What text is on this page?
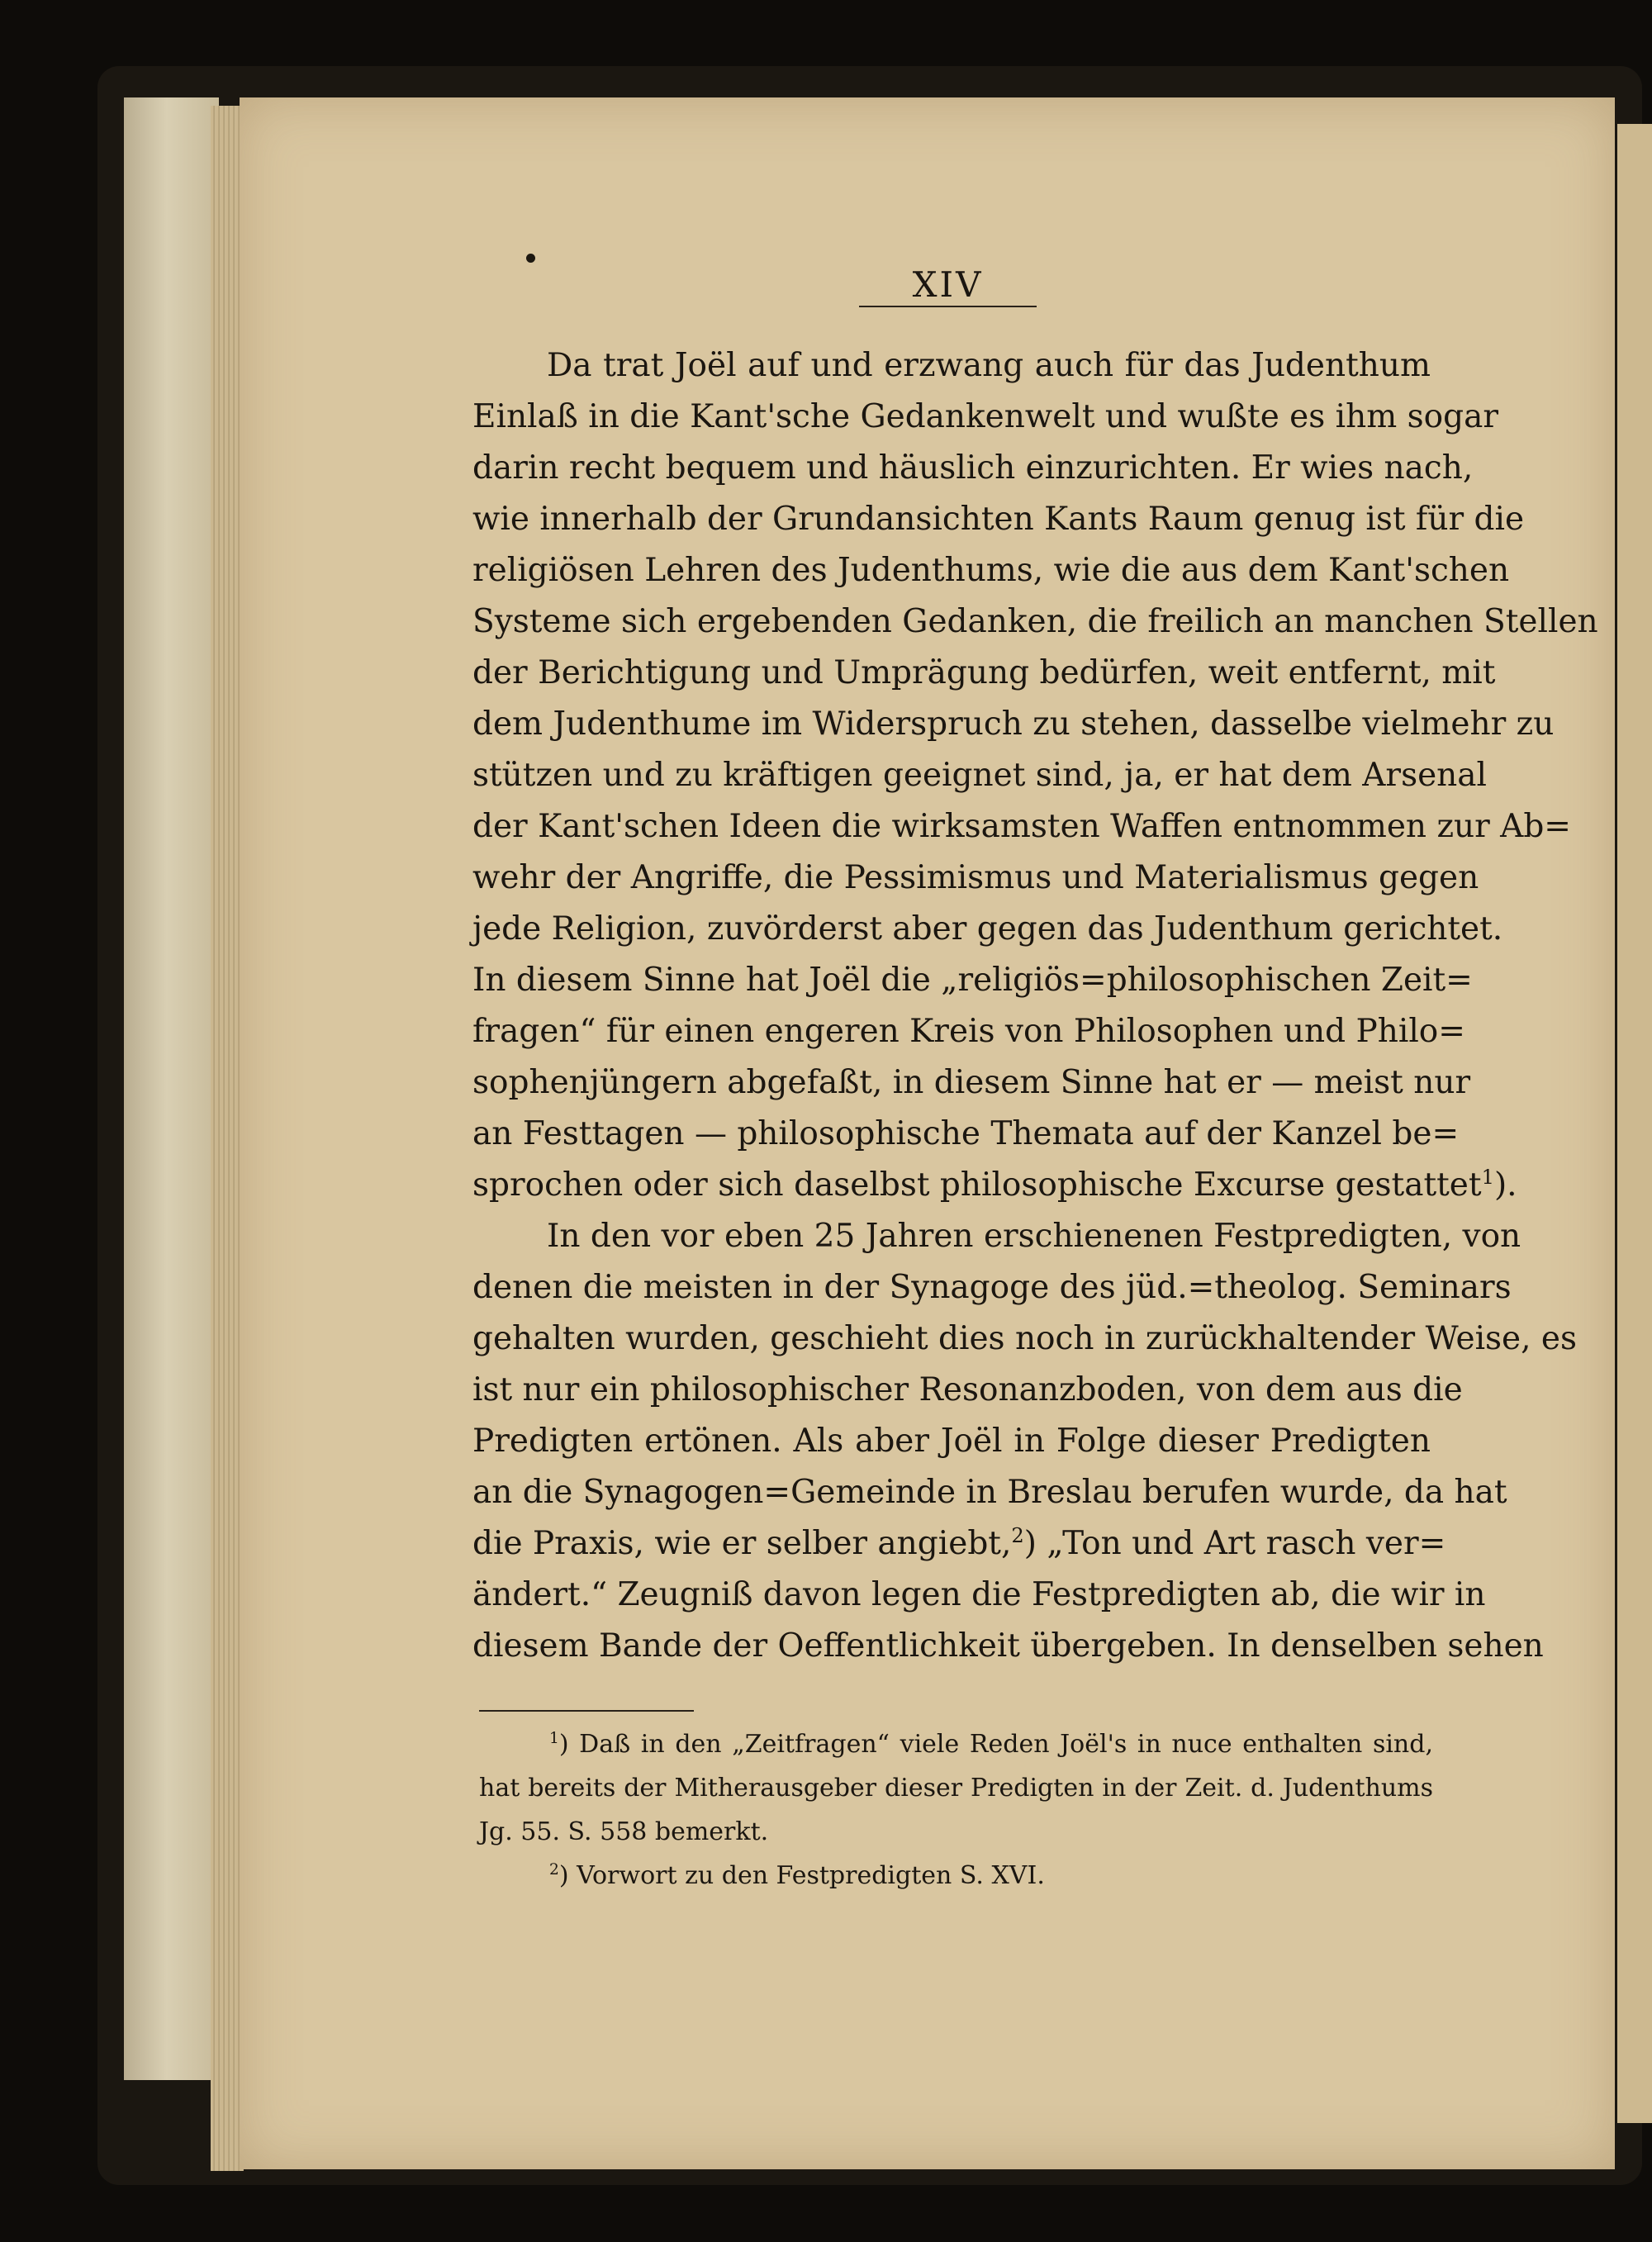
XIV
Da trat Joël auf und erzwang auch für das Judenthum
Einlaß in die Kant'sche Gedankenwelt und wußte es ihm sogar
darin recht bequem und häuslich einzurichten. Er wies nach,
wie innerhalb der Grundansichten Kants Raum genug ist für die
religiösen Lehren des Judenthums, wie die aus dem Kant'schen
Systeme sich ergebenden Gedanken, die freilich an manchen Stellen
der Berichtigung und Umprägung bedürfen, weit entfernt, mit
dem Judenthume im Widerspruch zu stehen, dasselbe vielmehr zu
stützen und zu kräftigen geeignet sind, ja, er hat dem Arsenal
der Kant'schen Ideen die wirksamsten Waffen entnommen zur Ab=
wehr der Angriffe, die Pessimismus und Materialismus gegen
jede Religion, zuvörderst aber gegen das Judenthum gerichtet.
In diesem Sinne hat Joël die „religiös=philosophischen Zeit=
fragen“ für einen engeren Kreis von Philosophen und Philo=
sophenjüngern abgefaßt, in diesem Sinne hat er — meist nur
an Festtagen — philosophische Themata auf der Kanzel be=
sprochen oder sich daselbst philosophische Excurse gestattet$^1$).
In den vor eben 25 Jahren erschienenen Festpredigten, von
denen die meisten in der Synagoge des jüd.=theolog. Seminars
gehalten wurden, geschieht dies noch in zurückhaltender Weise, es
ist nur ein philosophischer Resonanzboden, von dem aus die
Predigten ertönen. Als aber Joël in Folge dieser Predigten
an die Synagogen=Gemeinde in Breslau berufen wurde, da hat
die Praxis, wie er selber angiebt,$^2$) „Ton und Art rasch ver=
ändert.“ Zeugniß davon legen die Festpredigten ab, die wir in
diesem Bande der Oeffentlichkeit übergeben. In denselben sehen
$^1$) Daß in den „Zeitfragen“ viele Reden Joël's in nuce enthalten sind,
hat bereits der Mitherausgeber dieser Predigten in der Zeit. d. Judenthums
Jg. 55. S. 558 bemerkt.
$^2$) Vorwort zu den Festpredigten S. XVI.
